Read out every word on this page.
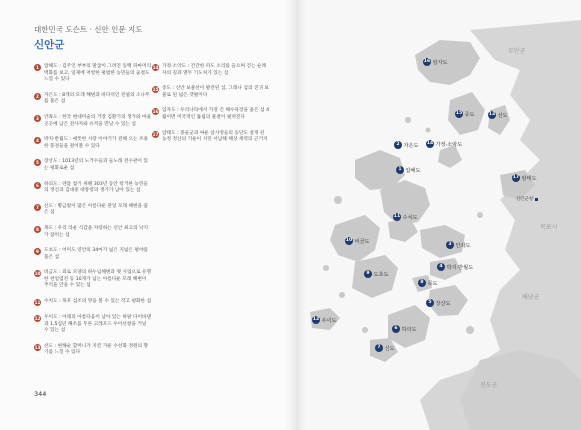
대한민국 도슨트 · 신안 인문 지도
신안군
1	압해도 : 김주인 부부의 말굽이 그려진 동백 파마머리 벽화를 보고, 일제에 저항한 평범한 농민들의 숨결도 느낄 수 있다
2	자은도 : 8개의 모래 해변과 바다석인 전설의 소나무를 품은 섬
3	안좌도 : 한국 현대미술의 거장 김환기의 생가와 마을 곳곳에 남은 전사자와 유적을 만날 수 있는 섬
4	박지·반월도 : 애틋한 사랑 이야기가 전해 오는 조용한 풍경들을 걸어볼 수 있다
5	장산도 : 1013년의 노거수들과 들노래 전수관이 있는 평화로운 섬
6	하의도 : 덴틀 참기 위해 303년 동안 항거한 농민들의 정신과 김대중 대통령의 생가가 남아 있는 섬
7	신도 : 황금빛이 많은 아름다운 관일 모래 해변을 품은 섬
8	목도 : 우리 라운 식감을 자랑하는 신안 최고의 낙지가 잡히는 섬
9	도초도 : 어미도 연안의 34마가 넓은 지넓은 평야를 품은 섬
10 비금도 : 외로 모양의 하누넘해변과 옛 사업으로 유명한 천일염전 등 10개가 넘는 아름다운 모래 해변이 추억을 안을 수 있는 섬
11 수치도 : 목포 섬조의 맛을 볼 수 있는 작고 평화한 섬
12 우이도 : 아래의 아름다움이 남아 있는 하탈 다이바댄과 1,5십년 해조를 두른 고레포드 우이선창을 거닐 수 있는 섬
13 선도 : 현해순 할머니가 지킨 가운 수선화 정원의 향기를 느낄 수 있다
14 가정·소악도 : 간간한 파도 소리를 들으며 걷는 순례자의 길과 열두 기도처가 있는 섬
15 증도 : 신안 보물선이 발견된 섬, 그래나 섬의 진귀 보물로 된 넓은 갯벌이다
16 임자도 : 우리나라에서 가장 긴 해수욕장을 품은 섬 4월이면 미국적인 튤립의 물결이 펼쳐진다
17 암태도 : 몽골군과 싸운 삼사정들의 동단도 살게 된 농정 정산의 기운이 서린 서남해 해상 세력의 근거지
344
16 임자도
15 증도	13 선도
14 가정·소악도
2 자은도
1 압해도
17 암태도
11 수치도
10 비금도	3 안좌도
4 박지·반월도
9 도초도
8 목도
5 장산도
6 하의도
12 우이도
7 신도
신안군청
무안군
목포시
해남군
진도군
